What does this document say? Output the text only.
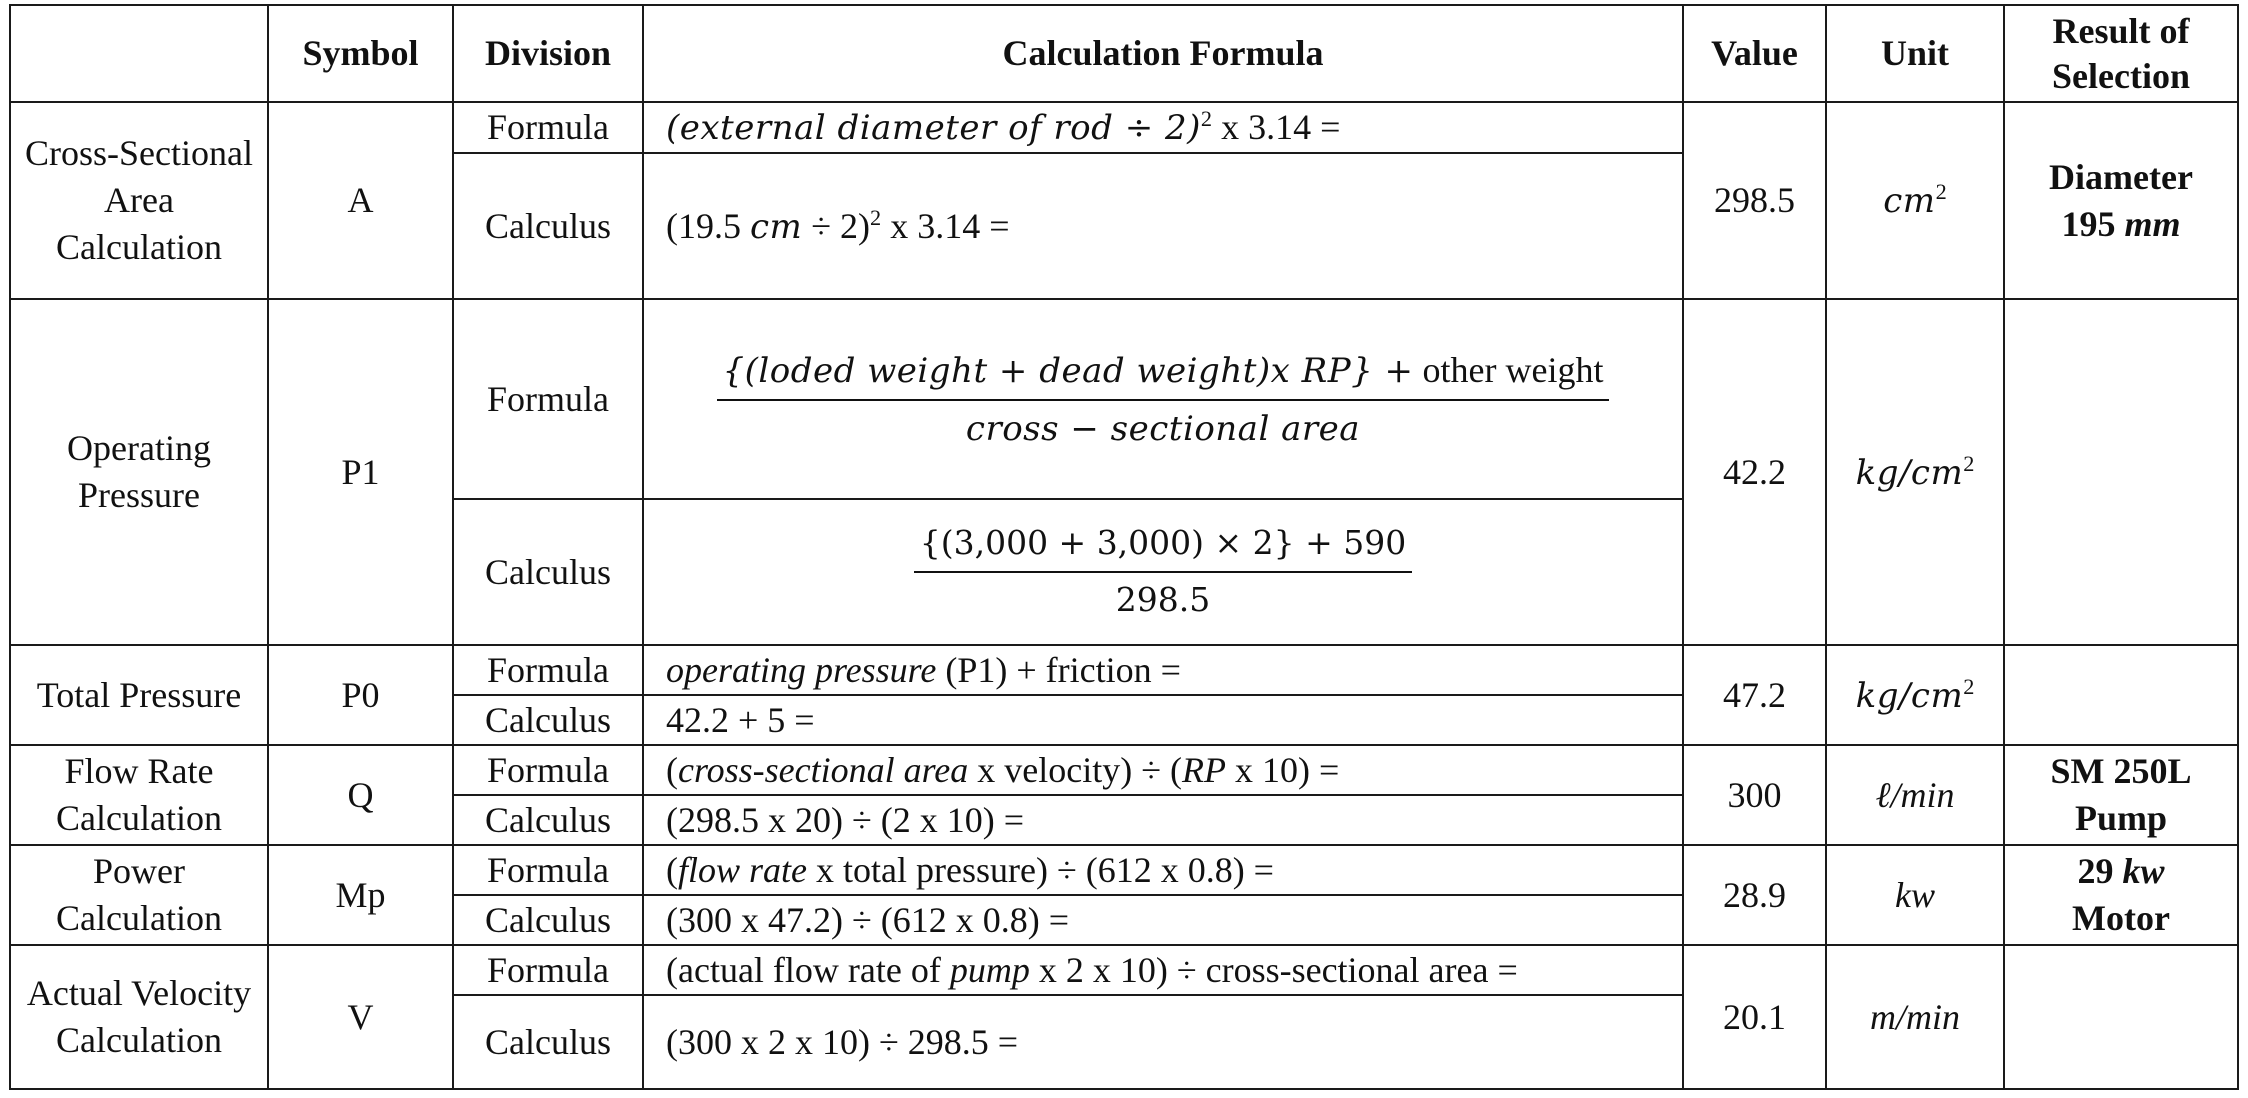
	Symbol	Division	Calculation Formula	Value	Unit	Result of Selection
Cross-Sectional Area Calculation	A	Formula	(external diameter of rod ÷ 2)$^2$ x 3.14 =	298.5	$cm^2$	Diameter
195 mm
		Calculus	(19.5 cm ÷ 2)$^2$ x 3.14 =			
Operating Pressure	P1	Formula	$\frac{\text{\{(loded weight + dead weight)x RP\} + other weight}}{\text{cross − sectional area}}$	42.2	$kg/cm^2$	
		Calculus	$\frac{\{(3,000 + 3,000) \times 2\} + 590}{298.5}$

Total Pressure	P0	Formula	operating pressure (P1) + friction =	47.2	$kg/cm^2$	
		Calculus	42.2 + 5 =			
Flow Rate Calculation	Q	Formula	(cross-sectional area x velocity) ÷ (RP x 10) =	300	ℓ/min	SM 250L
Pump
		Calculus	(298.5 x 20) ÷ (2 x 10) =			
Power Calculation	Mp	Formula	(flow rate x total pressure) ÷ (612 x 0.8) =	28.9	kw	29 kw
Motor
		Calculus	(300 x 47.2) ÷ (612 x 0.8) =			
Actual Velocity Calculation	V	Formula	(actual flow rate of pump x 2 x 10) ÷ cross-sectional area =	20.1	m/min	
		Calculus	(300 x 2 x 10) ÷ 298.5 =			
